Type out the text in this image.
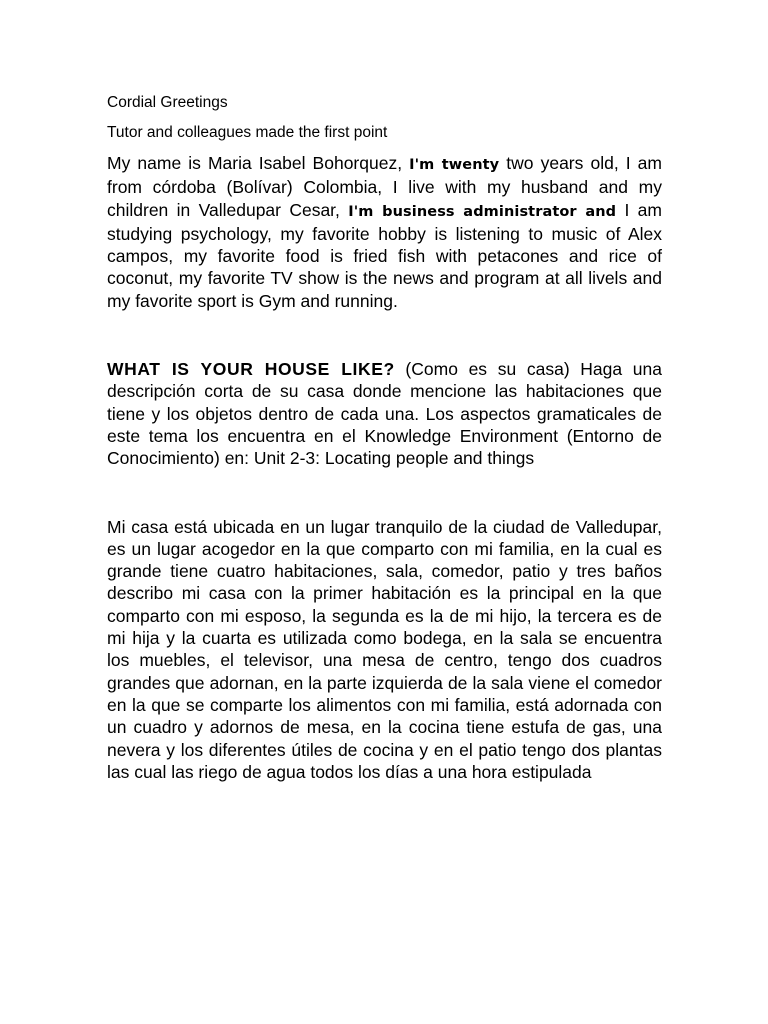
Cordial Greetings

Tutor and colleagues made the first point

My name is Maria Isabel Bohorquez, I'm twenty two years old, I am from córdoba (Bolívar) Colombia, I live with my husband and my children in Valledupar Cesar, I'm business administrator and I am studying psychology, my favorite hobby is listening to music of Alex campos, my favorite food is fried fish with petacones and rice of coconut, my favorite TV show is the news and program at all livels and my favorite sport is Gym and running.

WHAT IS YOUR HOUSE LIKE? (Como es su casa) Haga una descripción corta de su casa donde mencione las habitaciones que tiene y los objetos dentro de cada una. Los aspectos gramaticales de este tema los encuentra en el Knowledge Environment (Entorno de Conocimiento) en: Unit 2-3: Locating people and things

Mi casa está ubicada en un lugar tranquilo de la ciudad de Valledupar, es un lugar acogedor en la que comparto con mi familia, en la cual es grande tiene cuatro habitaciones, sala, comedor, patio y tres baños describo mi casa con la primer habitación es la principal en la que comparto con mi esposo, la segunda es la de mi hijo, la tercera es de mi hija y la cuarta es utilizada como bodega, en la sala se encuentra los muebles, el televisor, una mesa de centro, tengo dos cuadros grandes que adornan, en la parte izquierda de la sala viene el comedor en la que se comparte los alimentos con mi familia, está adornada con un cuadro y adornos de mesa, en la cocina tiene estufa de gas, una nevera y los diferentes útiles de cocina y en el patio tengo dos plantas las cual las riego de agua todos los días a una hora estipulada
